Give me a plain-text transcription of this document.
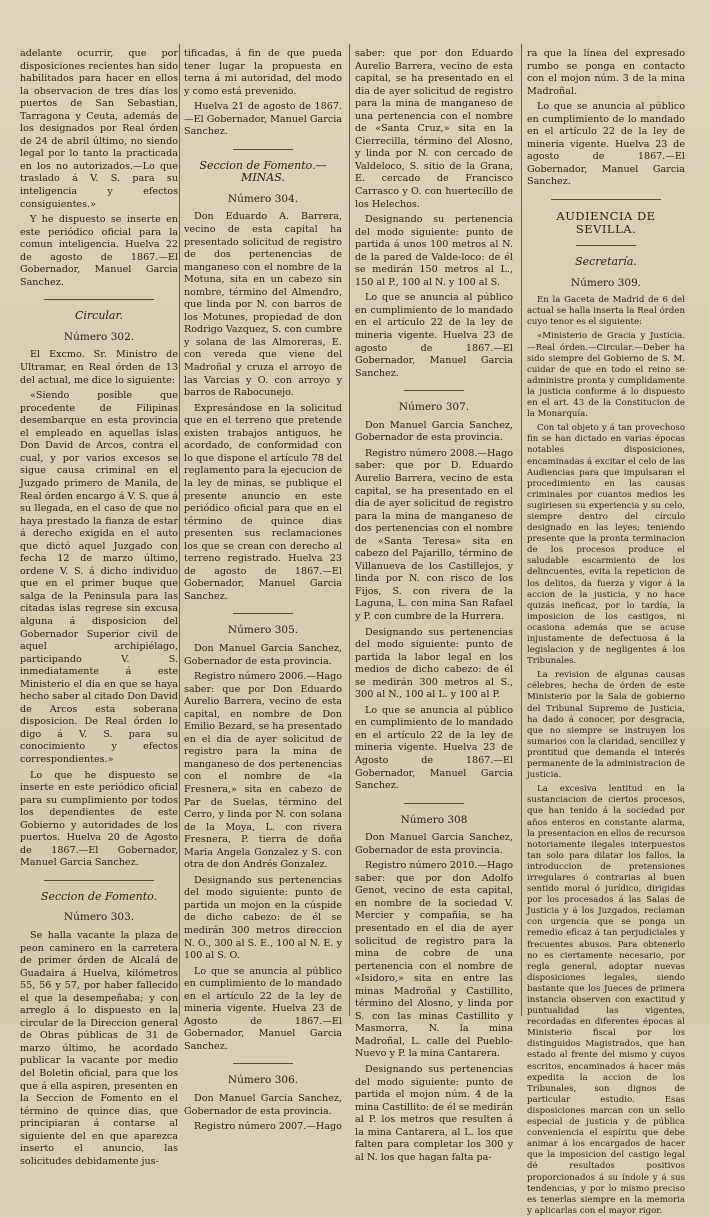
adelante ocurrir, que por disposiciones recientes han sido habilitados para hacer en ellos la observacion de tres días los puertos de San Sebastian, Tarragona y Ceuta, además de los designados por Real órden de 24 de abril último, no siendo legal por lo tanto la practicada en los no autorizados.—Lo que traslado á V. S. para su inteligencia y efectos consiguientes.»

Y he dispuesto se inserte en este periódico oficial para la comun inteligencia. Huelva 22 de agosto de 1867.—El Gobernador, Manuel Garcia Sanchez.

Circular.
Número 302.

El Excmo. Sr. Ministro de Ultramar, en Real órden de 13 del actual, me dice lo siguiente:

«Siendo posible que procedente de Filipinas desembarque en esta provincia el empleado en aquellas islas Don David de Arcos, contra el cual, y por varios excesos se sigue causa criminal en el Juzgado primero de Manila, de Real órden encargo á V. S. que á su llegada, en el caso de que no haya prestado la fianza de estar á derecho exigida en el auto que dictó aquel Juzgado con fecha 12 de marzo último, ordene V. S. á dicho individuo que en el primer buque que salga de la Peninsula para las citadas islas regrese sin excusa alguna á disposicion del Gobernador Superior civil de aquel archipiélago, participando V. S. inmediatamente á este Ministerio el dia en que se haya hecho saber al citado Don David de Arcos esta soberana disposicion. De Real órden lo digo á V. S. para su conocimiento y efectos correspondientes.»

Lo que he dispuesto se inserte en este periódico oficial para su cumplimiento por todos los dependientes de este Gobierno y autoridades de los puertos. Huelva 20 de Agosto de 1867.—El Gobernador, Manuel Garcia Sanchez.

Seccion de Fomento.
Número 303.

Se halla vacante la plaza de peon caminero en la carretera de primer órden de Alcalá de Guadaira á Huelva, kilómetros 55, 56 y 57, por haber fallecido el que la desempeñaba; y con arreglo á lo dispuesto en la circular de la Direccion general de Obras públicas de 31 de marzo último, he acordado publicar la vacante por medio del Boletin oficial, para que los que á ella aspiren, presenten en la Seccion de Fomento en el término de quince dias, que principiaran á contarse al siguiente del en que aparezca inserto el anuncio, las solicitudes debidamente jus-

tificadas, á fin de que pueda tener lugar la propuesta en terna á mi autoridad, del modo y como está prevenido.

Huelva 21 de agosto de 1867.—El Gobernador, Manuel Garcia Sanchez.

Seccion de Fomento.—MINAS.
Número 304.

Don Eduardo A. Barrera, vecino de esta capital ha presentado solicitud de registro de dos pertenencias de manganeso con el nombre de la Motuna, sita en un cabezo sin nombre, término del Almendro, que linda por N. con barros de los Motunes, propiedad de don Rodrigo Vazquez, S. con cumbre y solana de las Almoreras, E. con vereda que viene del Madroñal y cruza el arroyo de las Varcias y O. con arroyo y barros de Rabocunejo.

Expresándose en la solicitud que en el terreno que pretende existen trabajos antiguos, he acordado, de conformidad con lo que dispone el artículo 78 del reglamento para la ejecucion de la ley de minas, se publique el presente anuncio en este periódico oficial para que en el término de quince dias presenten sus reclamaciones los que se crean con derecho al terreno registrado. Huelva 23 de agosto de 1867.—El Gobernador, Manuel Garcia Sanchez.

Número 305.

Don Manuel Garcia Sanchez, Gobernador de esta provincia.

Registro número 2006.—Hago saber: que por Don Eduardo Aurelio Barrera, vecino de esta capital, en nombre de Don Emilio Bezard, se ha presentado en el dia de ayer solicitud de registro para la mina de manganeso de dos pertenencias con el nombre de «la Fresnera,» sita en cabezo de Par de Suelas, término del Cerro, y linda por N. con solana de la Moya, L. con rivera Fresnera, P. tierra de doña Maria Angela Gonzalez y S. con otra de don Andrés Gonzalez.

Designando sus pertenencias del modo siguiente: punto de partida un mojon en la cúspide de dicho cabezo: de él se medirán 300 metros direccion N. O., 300 al S. E., 100 al N. E. y 100 al S. O.

Lo que se anuncia al público en cumplimiento de lo mandado en el artículo 22 de la ley de mineria vigente. Huelva 23 de Agosto de 1867.—El Gobernador, Manuel Garcia Sanchez.

Número 306.

Don Manuel Garcia Sanchez, Gobernador de esta provincia.

Registro número 2007.—Hago

saber: que por don Eduardo Aurelio Barrera, vecino de esta capital, se ha presentado en el dia de ayer solicitud de registro para la mina de manganeso de una pertenencia con el nombre de «Santa Cruz,» sita en la Cierrecilla, término del Alosno, y linda por N. con cercado de Valdeloco, S. sitio de la Grana, E. cercado de Francisco Carrasco y O. con huertecillo de los Helechos.

Designando su pertenencia del modo siguiente: punto de partida á unos 100 metros al N. de la pared de Valde-loco: de él se medirán 150 metros al L., 150 al P., 100 al N. y 100 al S.

Lo que se anuncia al público en cumplimiento de lo mandado en el artículo 22 de la ley de mineria vigente. Huelva 23 de agosto de 1867.—El Gobernador, Manuel Garcia Sanchez.

Número 307.

Don Manuel Garcia Sanchez, Gobernador de esta provincia.

Registro número 2008.—Hago saber: que por D. Eduardo Aurelio Barrera, vecino de esta capital, se ha presentado en el dia de ayer solicitud de registro para la mina de manganeso de dos pertenencias con el nombre de «Santa Teresa» sita en cabezo del Pajarillo, término de Villanueva de los Castillejos, y linda por N. con risco de los Fijos, S. con rivera de la Laguna, L. con mina San Rafael y P. con cumbre de la Hurrera.

Designando sus pertenencias del modo siguiente: punto de partida la labor legal en los medios de dicho cabezo: de él se medirán 300 metros al S., 300 al N., 100 al L. y 100 al P.

Lo que se anuncia al público en cumplimiento de lo mandado en el artículo 22 de la ley de mineria vigente. Huelva 23 de Agosto de 1867.—El Gobernador, Manuel Garcia Sanchez.

Número 308

Don Manuel Garcia Sanchez, Gobernador de esta provincia.

Registro número 2010.—Hago saber: que por don Adolfo Genot, vecino de esta capital, en nombre de la sociedad V. Mercier y compañia, se ha presentado en el dia de ayer solicitud de registro para la mina de cobre de una pertenencia con el nombre de «Isidoro,» sita en entre las minas Madroñal y Castillito, término del Alosno, y linda por S. con las minas Castillito y Masmorra, N. la mina Madroñal, L. calle del Pueblo-Nuevo y P. la mina Cantarera.

Designando sus pertenencias del modo siguiente: punto de partida el mojon núm. 4 de la mina Castillito: de él se medirán al P. los metros que resulten á la mina Cantarera, al L. los que falten para completar los 300 y al N. los que hagan falta pa-

ra que la línea del expresado rumbo se ponga en contacto con el mojon núm. 3 de la mina Madroñal.

Lo que se anuncia al público en cumplimiento de lo mandado en el artículo 22 de la ley de mineria vigente. Huelva 23 de agosto de 1867.—El Gobernador, Manuel Garcia Sanchez.

AUDIENCIA DE SEVILLA.
Secretaría.
Número 309.

En la Gaceta de Madrid de 6 del actual se halla inserta la Real órden cuyo tenor es el siguiente:

«Ministerio de Gracia y Justicia.—Real órden.—Circular.—Deber ha sido siempre del Gobierno de S. M. cuidar de que en todo el reino se administre pronta y cumplidamente la justicia conforme á lo dispuesto en el art. 43 de la Constitucion de la Monarquía.

Con tal objeto y á tan provechoso fin se han dictado en varias épocas notables disposiciones, encaminadas á excitar el celo de las Audiencias para que impulsaran el procedimiento en las causas criminales por cuantos medios les sugiriesen su experiencia y su celo, siempre dentro del círculo designado en las leyes; teniendo presente que la pronta terminacion de los procesos produce el saludable escarmiento de los delincuentes, evita la repeticion de los delitos, da fuerza y vigor á la accion de la justicia, y no hace quizás ineficaz, por lo tardía, la imposicion de los castigos, ni ocasiona además que se acuse injustamente de defectuosa á la legislacion y de negligentes á los Tribunales.

La revision de algunas causas célebres, hecha de órden de este Ministerio por la Sala de gobierno del Tribunal Supremo de Justicia, ha dado á conocer, por desgracia, que no siempre se instruyen los sumarios con la claridad, sencillez y prontitud que demanda el interés permanente de la administracion de justicia.

La excesiva lentitud en la sustanciacion de ciertos procesos, que han tenido á la sociedad por años enteros en constante alarma, la presentacion en ellos de recursos notoriamente ilegales interpuestos tan solo para dilatar los fallos, la introduccion de pretensiones irregulares ó contrarias al buen sentido moral ó jurídico, dirigidas por los procesados á las Salas de Justicia y á los Juzgados, reclaman con urgencia que se ponga un remedio eficaz á tan perjudiciales y frecuentes abusos. Para obtenerlo no es ciertamente necesario, por regla general, adoptar nuevas disposiciones legales, siendo bastante que los Jueces de primera instancia observen con exactitud y puntualidad las vigentes, recordadas en diferentes épocas al Ministerio fiscal por los distinguidos Magistrados, que han estado al frente del mismo y cuyos escritos, encaminados á hacer más expedita la accion de los Tribunales, son dignos de particular estudio. Esas disposiciones marcan con un sello especial de justicia y de pública conveniencia el espíritu que debe animar á los encargados de hacer que la imposicion del castigo legal dé resultados positivos proporcionados á su índole y á sus tendencias, y por lo mismo preciso es tenerlas siempre en la memoria y aplicarlas con el mayor rigor.
